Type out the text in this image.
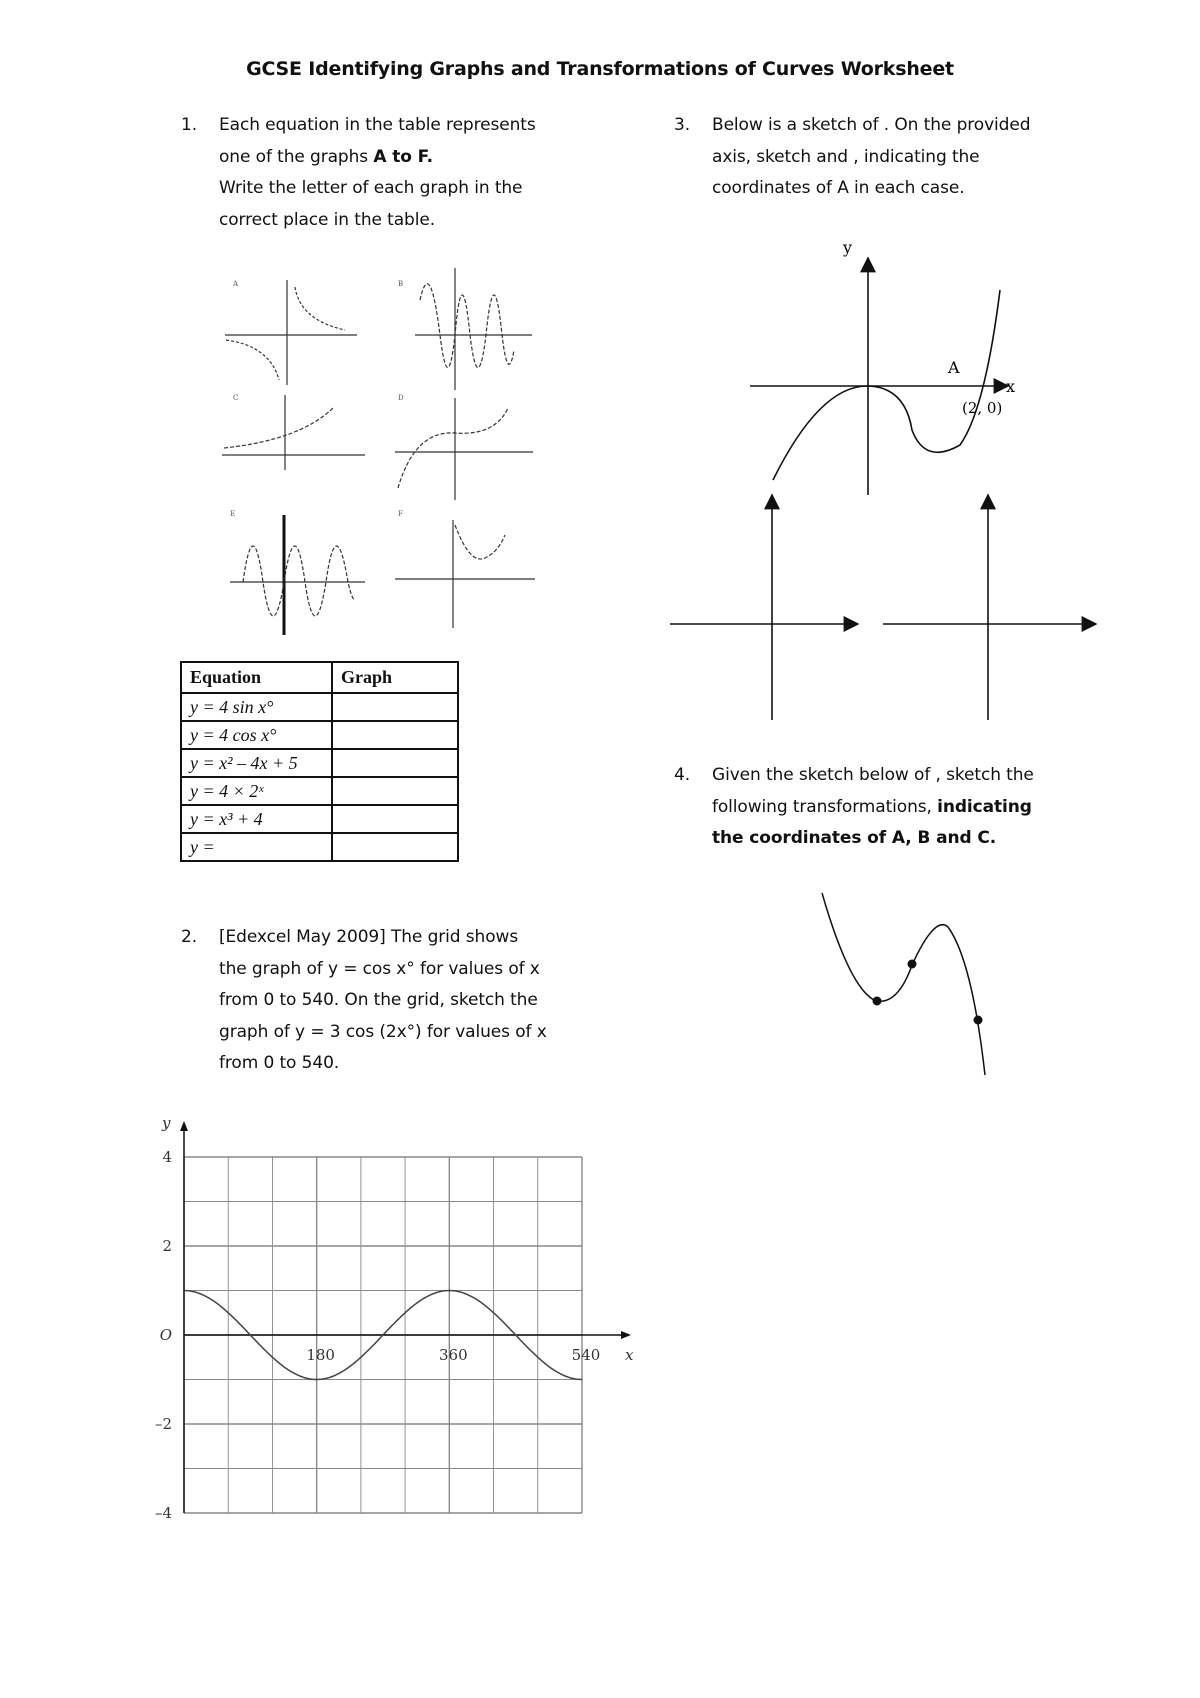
GCSE Identifying Graphs and Transformations of Curves Worksheet
1. Each equation in the table represents

one of the graphs A to F.

Write the letter of each graph in the

correct place in the table.

A	B
C	D
E	F
Equation	Graph
y = 4 sin x°	
y = 4 cos x°	
y = x² – 4x + 5	
y = 4 × 2ˣ	
y = x³ + 4	
y =	
2. [Edexcel May 2009] The grid shows

the graph of y = cos x° for values of x

from 0 to 540. On the grid, sketch the

graph of y = 3 cos (2x°) for values of x

from 0 to 540.

y
x
4
2
O
–2
–4
180	360	540
3. Below is a sketch of . On the provided

axis, sketch and , indicating the

coordinates of A in each case.

y
x
A
(2, 0)
4. Given the sketch below of , sketch the

following transformations, indicating

the coordinates of A, B and C.
